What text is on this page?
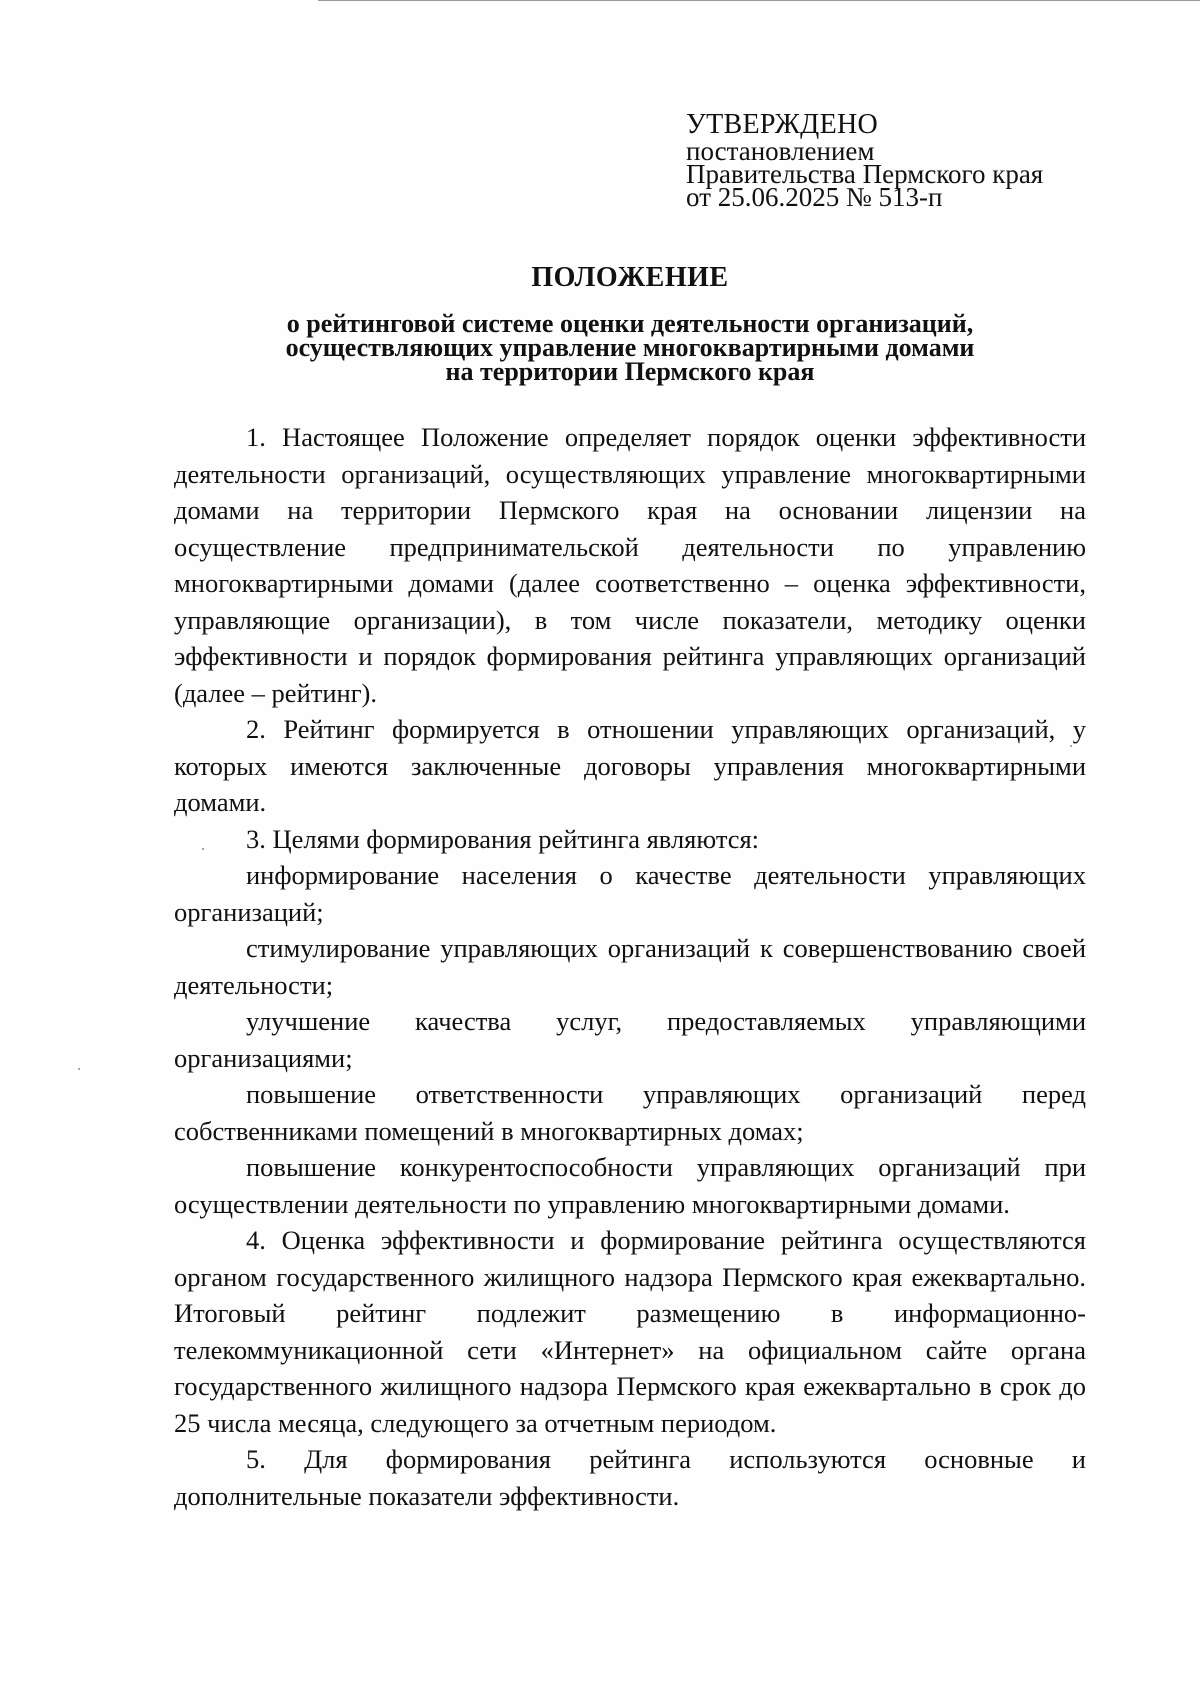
УТВЕРЖДЕНО
постановлением
Правительства Пермского края
от 25.06.2025 № 513-п
ПОЛОЖЕНИЕ
о рейтинговой системе оценки деятельности организаций,
осуществляющих управление многоквартирными домами
на территории Пермского края

1. Настоящее Положение определяет порядок оценки эффективности деятельности организаций, осуществляющих управление многоквартирными домами на территории Пермского края на основании лицензии на осуществление предпринимательской деятельности по управлению многоквартирными домами (далее соответственно – оценка эффективности, управляющие организации), в том числе показатели, методику оценки эффективности и порядок формирования рейтинга управляющих организаций (далее – рейтинг).

2. Рейтинг формируется в отношении управляющих организаций, у которых имеются заключенные договоры управления многоквартирными домами.

3. Целями формирования рейтинга являются:

информирование населения о качестве деятельности управляющих организаций;

стимулирование управляющих организаций к совершенствованию своей деятельности;

улучшение качества услуг, предоставляемых управляющими организациями;

повышение ответственности управляющих организаций перед собственниками помещений в многоквартирных домах;

повышение конкурентоспособности управляющих организаций при осуществлении деятельности по управлению многоквартирными домами.

4. Оценка эффективности и формирование рейтинга осуществляются органом государственного жилищного надзора Пермского края ежеквартально. Итоговый рейтинг подлежит размещению в информационно-телекоммуникационной сети «Интернет» на официальном сайте органа государственного жилищного надзора Пермского края ежеквартально в срок до 25 числа месяца, следующего за отчетным периодом.

5. Для формирования рейтинга используются основные и дополнительные показатели эффективности.
